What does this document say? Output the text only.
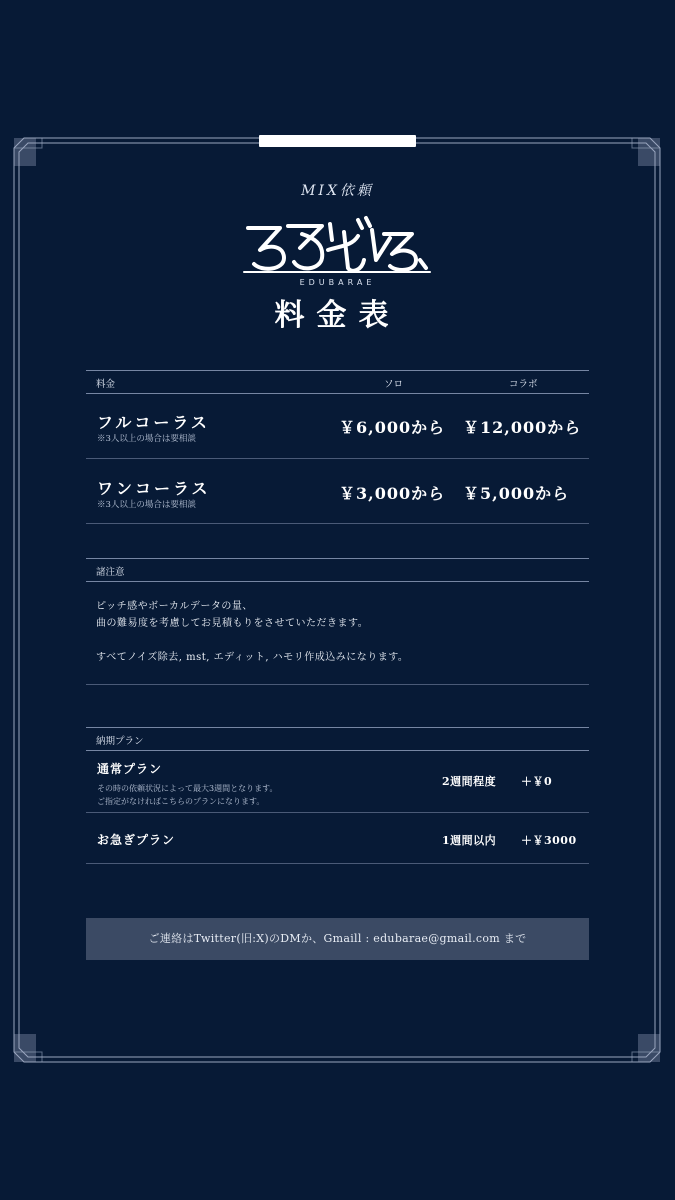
MIX依頼
EDUBARAE
料金表
料金	ソロ	コラボ
フルコーラス
※3人以上の場合は要相談
￥6,000から ￥12,000から
ワンコーラス
※3人以上の場合は要相談
￥3,000から ￥5,000から
諸注意
ピッチ感やボーカルデータの量、
曲の難易度を考慮してお見積もりをさせていただきます。
すべてノイズ除去, mst, エディット, ハモリ作成込みになります。
納期プラン
通常プラン
その時の依頼状況によって最大3週間となります。
ご指定がなければこちらのプランになります。
2週間程度 ＋￥0
お急ぎプラン	1週間以内 ＋￥3000
ご連絡はTwitter(旧:X)のDMか、Gmaill : edubarae@gmail.com まで
